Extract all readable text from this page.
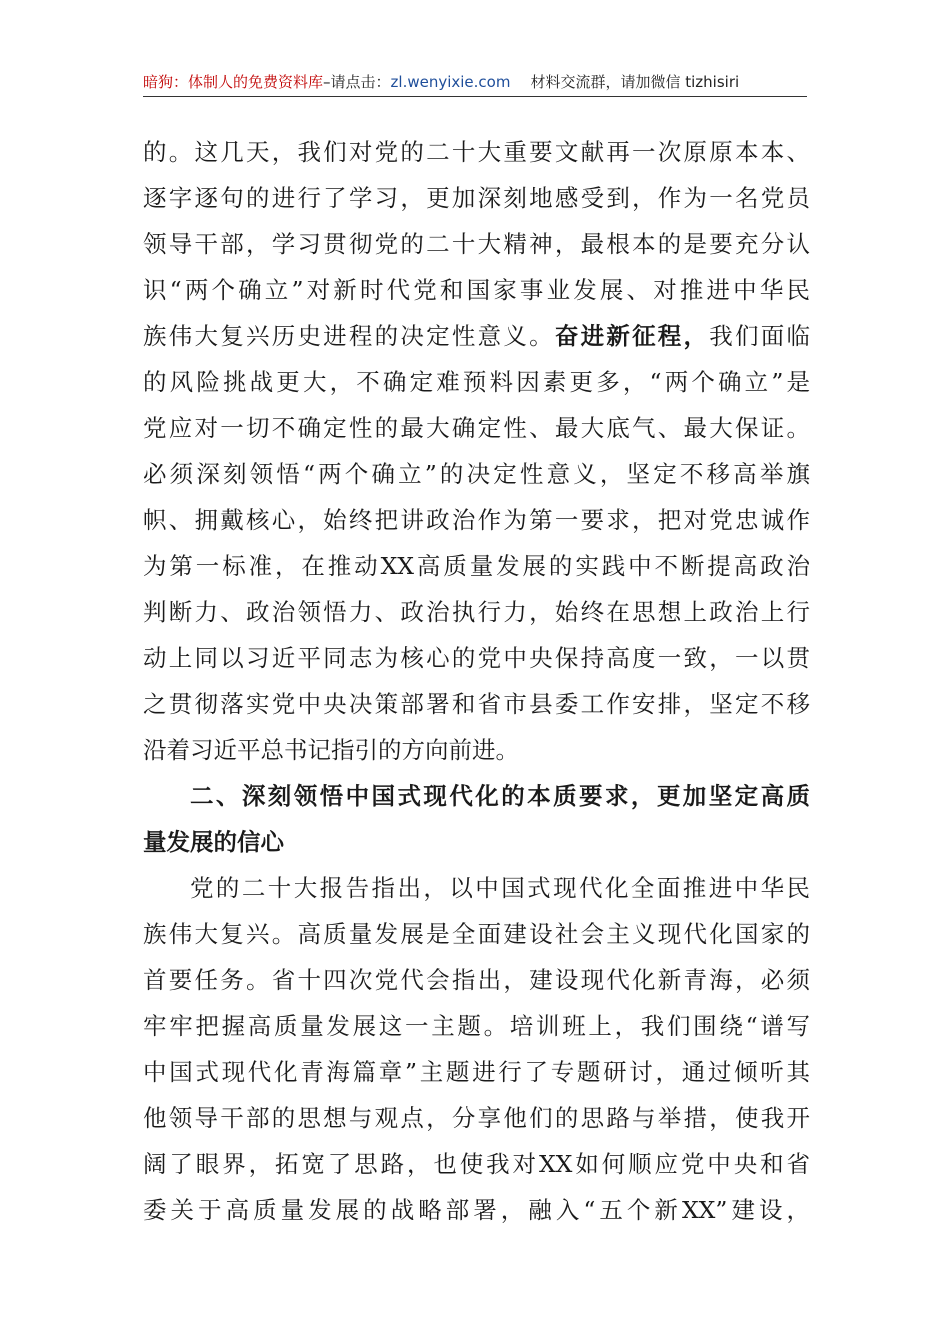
暗狗：体制人的免费资料库–请点击：zl.wenyixie.com 材料交流群，请加微信 tizhisiri
的。这几天，我们对党的二十大重要文献再一次原原本本、
逐字逐句的进行了学习，更加深刻地感受到，作为一名党员
领导干部，学习贯彻党的二十大精神，最根本的是要充分认
识“两个确立”对新时代党和国家事业发展、对推进中华民
族伟大复兴历史进程的决定性意义。奋进新征程，我们面临
的风险挑战更大，不确定难预料因素更多，“两个确立”是
党应对一切不确定性的最大确定性、最大底气、最大保证。
必须深刻领悟“两个确立”的决定性意义，坚定不移高举旗
帜、拥戴核心，始终把讲政治作为第一要求，把对党忠诚作
为第一标准，在推动XX高质量发展的实践中不断提高政治
判断力、政治领悟力、政治执行力，始终在思想上政治上行
动上同以习近平同志为核心的党中央保持高度一致，一以贯
之贯彻落实党中央决策部署和省市县委工作安排，坚定不移
沿着习近平总书记指引的方向前进。
二、深刻领悟中国式现代化的本质要求，更加坚定高质
量发展的信心
党的二十大报告指出，以中国式现代化全面推进中华民
族伟大复兴。高质量发展是全面建设社会主义现代化国家的
首要任务。省十四次党代会指出，建设现代化新青海，必须
牢牢把握高质量发展这一主题。培训班上，我们围绕“谱写
中国式现代化青海篇章”主题进行了专题研讨，通过倾听其
他领导干部的思想与观点，分享他们的思路与举措，使我开
阔了眼界，拓宽了思路，也使我对XX如何顺应党中央和省
委关于高质量发展的战略部署，融入“五个新XX”建设，
